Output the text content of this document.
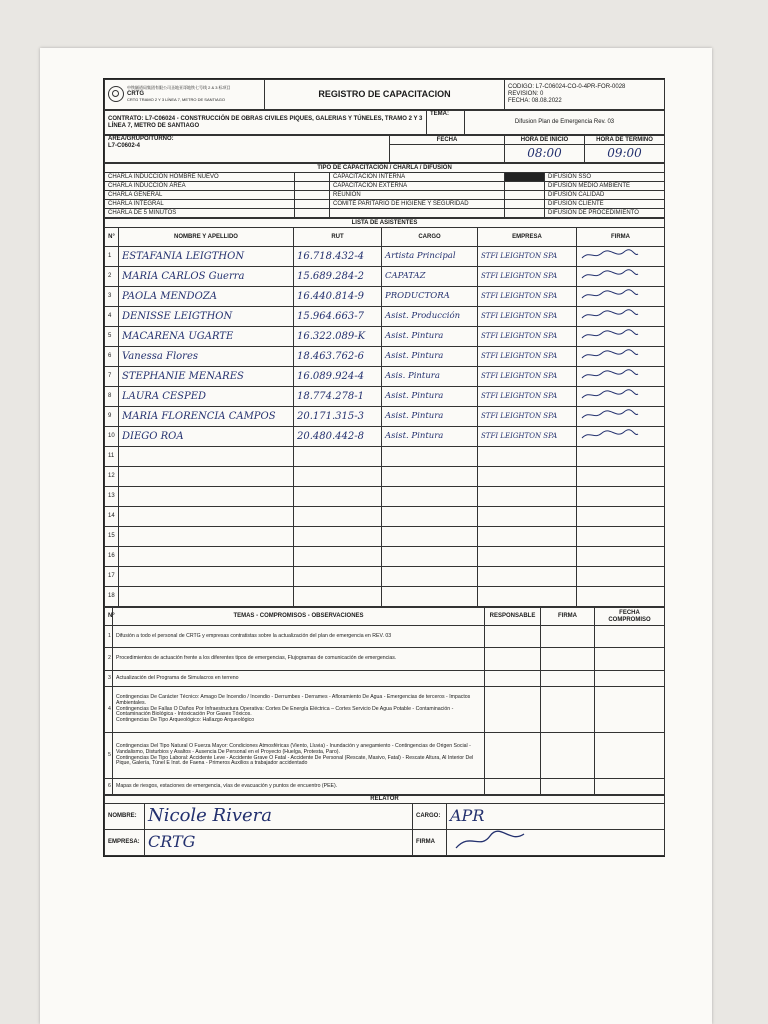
中铁隧道局集团有限公司圣地亚哥地铁七号线 2 & 3 标项目
CRTG
CRTG TRAMO 2 Y 3 LÍNEA 7, METRO DE SANTIAGO
	REGISTRO DE CAPACITACION	
CODIGO: L7-C06024-CO-0-4PR-FOR-0028
REVISION: 0
FECHA: 08.08.2022
CONTRATO: L7-C06024 - CONSTRUCCIÓN DE OBRAS CIVILES PIQUES, GALERIAS Y TÚNELES, TRAMO 2 Y 3 LÍNEA 7, METRO DE SANTIAGO	TEMA:	Difusion Plan de Emergencia Rev. 03
AREA/GRUPO/TURNO:
L7-C0602-4	FECHA	HORA DE INICIO	HORA DE TERMINO
		08:00	09:00
TIPO DE CAPACITACIÓN / CHARLA / DIFUSIÓN				
CHARLA INDUCCIÓN HOMBRE NUEVO		CAPACITACIÓN INTERNA		DIFUSIÓN SSO
CHARLA INDUCCIÓN ÁREA		CAPACITACIÓN EXTERNA		DIFUSIÓN MEDIO AMBIENTE
CHARLA GENERAL		REUNIÓN		DIFUSIÓN CALIDAD
CHARLA INTEGRAL		COMITÉ PARITARIO DE HIGIENE Y SEGURIDAD		DIFUSIÓN CLIENTE
CHARLA DE 5 MINUTOS				DIFUSIÓN DE PROCEDIMIENTO
LISTA DE ASISTENTES					
N°	NOMBRE Y APELLIDO	RUT	CARGO	EMPRESA	FIRMA
1	ESTAFANIA LEIGTHON	16.718.432-4	Artista Principal	STFI LEIGHTON SPA	
2	MARIA CARLOS Guerra	15.689.284-2	CAPATAZ	STFI LEIGHTON SPA	
3	PAOLA MENDOZA	16.440.814-9	PRODUCTORA	STFI LEIGHTON SPA	
4	DENISSE LEIGTHON	15.964.663-7	Asist. Producción	STFI LEIGHTON SPA	
5	MACARENA UGARTE	16.322.089-K	Asist. Pintura	STFI LEIGHTON SPA	
6	Vanessa Flores	18.463.762-6	Asist. Pintura	STFI LEIGHTON SPA	
7	STEPHANIE MENARES	16.089.924-4	Asis. Pintura	STFI LEIGHTON SPA	
8	LAURA CESPED	18.774.278-1	Asist. Pintura	STFI LEIGHTON SPA	
9	MARIA FLORENCIA CAMPOS	20.171.315-3	Asist. Pintura	STFI LEIGHTON SPA	
10	DIEGO ROA	20.480.442-8	Asist. Pintura	STFI LEIGHTON SPA	
11					
12					
13					
14					
15					
16					
17					
18					
N°	TEMAS - COMPROMISOS - OBSERVACIONES	RESPONSABLE	FIRMA	FECHA COMPROMISO
1	Difusión a todo el personal de CRTG y empresas contratistas sobre la actualización del plan de emergencia en REV. 03			

2	Procedimientos de actuación frente a los diferentes tipos de emergencias, Flujogramas de comunicación de emergencias.			

3	Actualización del Programa de Simulacros en terreno			

4	Contingencias De Carácter Técnico: Amago De Incendio / Incendio - Derrumbes - Derrames - Afloramiento De Agua - Emergencias de terceros - Impactos Ambientales.
Contingencias De Fallas O Daños Por Infraestructura Operativa: Cortes De Energía Eléctrica – Cortes Servicio De Agua Potable - Contaminación - Contaminación Biológica - Intoxicación Por Gases Tóxicos.
Contingencias De Tipo Arqueológico: Hallazgo Arqueológico			

5	Contingencias Del Tipo Natural O Fuerza Mayor: Condiciones Atmosféricas (Viento, Lluvia) - Inundación y anegamiento - Contingencias de Origen Social - Vandalismo, Disturbios y Asaltos - Ausencia De Personal en el Proyecto (Huelga, Protesta, Paro).
Contingencias De Tipo Laboral: Accidente Leve - Accidente Grave O Fatal - Accidente De Personal (Rescate, Masivo, Fatal) - Rescate Altura, Al Interior Del Pique, Galería, Túnel E Inst. de Faena - Primeros Auxilios a trabajador accidentado			

6	Mapas de riesgos, estaciones de emergencia, vías de evacuación y puntos de encuentro (PEE).			

RELATOR			
NOMBRE:	Nicole Rivera	CARGO:	APR
EMPRESA:	CRTG	FIRMA	
